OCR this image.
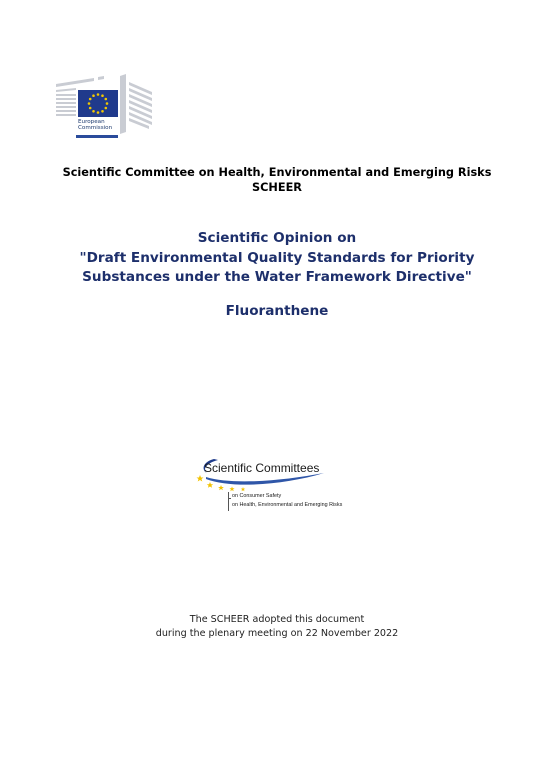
European
Commission
Scientific Committee on Health, Environmental and Emerging Risks
SCHEER
Scientific Opinion on
"Draft Environmental Quality Standards for Priority
Substances under the Water Framework Directive"
Fluoranthene
Scientific Committees
on Consumer Safety
on Health, Environmental and Emerging Risks
The SCHEER adopted this document
during the plenary meeting on 22 November 2022
